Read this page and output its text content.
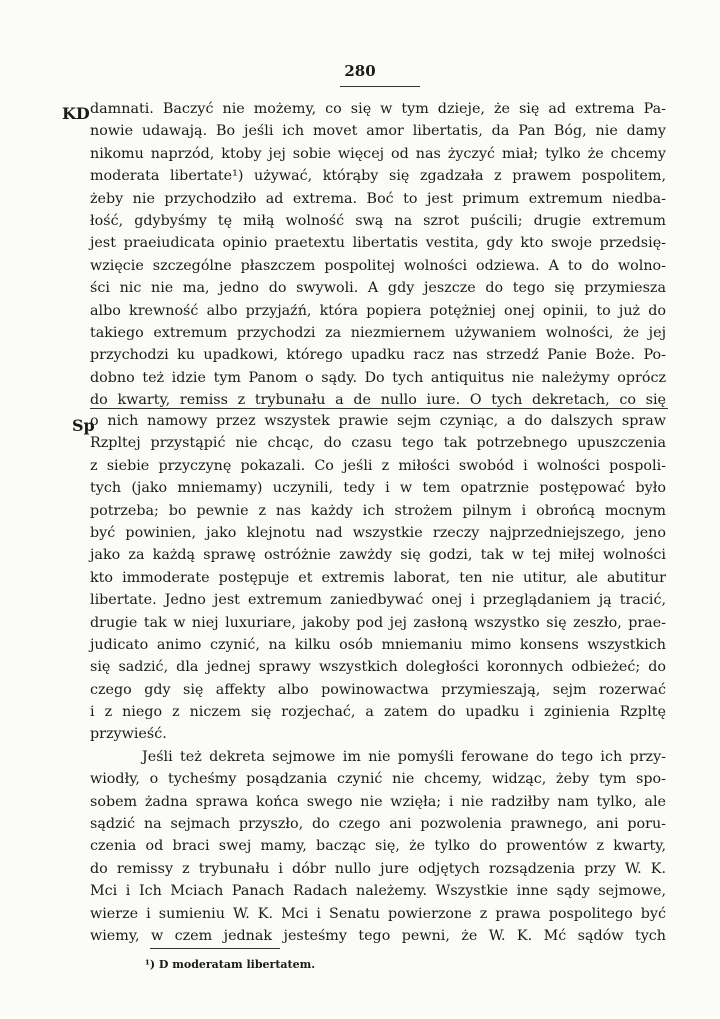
280
KD damnati. Baczyć nie możemy, co się w tym dzieje, że się ad extrema Pa-
nowie udawają. Bo jeśli ich movet amor libertatis, da Pan Bóg, nie damy
nikomu naprzód, ktoby jej sobie więcej od nas życzyć miał; tylko że chcemy
moderata libertate¹) używać, którąby się zgadzała z prawem pospolitem,
żeby nie przychodziło ad extrema. Boć to jest primum extremum niedba-
łość, gdybyśmy tę miłą wolność swą na szrot puścili; drugie extremum
jest praeiudicata opinio praetextu libertatis vestita, gdy kto swoje przedsię-
wzięcie szczególne płaszczem pospolitej wolności odziewa. A to do wolno-
ści nic nie ma, jedno do swywoli. A gdy jeszcze do tego się przymiesza
albo krewność albo przyjaźń, która popiera potężniej onej opinii, to już do
takiego extremum przychodzi za niezmiernem używaniem wolności, że jej
przychodzi ku upadkowi, którego upadku racz nas strzedź Panie Boże. Po-
dobno też idzie tym Panom o sądy. Do tych antiquitus nie należymy oprócz
do kwarty, remiss z trybunału a de nullo iure. O tych dekretach, co się
Sp
o nich namowy przez wszystek prawie sejm czyniąc, a do dalszych spraw
Rzpltej przystąpić nie chcąc, do czasu tego tak potrzebnego upuszczenia
z siebie przyczynę pokazali. Co jeśli z miłości swobód i wolności pospoli-
tych (jako mniemamy) uczynili, tedy i w tem opatrznie postępować było
potrzeba; bo pewnie z nas każdy ich strożem pilnym i obrońcą mocnym
być powinien, jako klejnotu nad wszystkie rzeczy najprzedniejszego, jeno
jako za każdą sprawę ostróżnie zawżdy się godzi, tak w tej miłej wolności
kto immoderate postępuje et extremis laborat, ten nie utitur, ale abutitur
libertate. Jedno jest extremum zaniedbywać onej i przeglądaniem ją tracić,
drugie tak w niej luxuriare, jakoby pod jej zasłoną wszystko się zeszło, prae-
judicato animo czynić, na kilku osób mniemaniu mimo konsens wszystkich
się sadzić, dla jednej sprawy wszystkich doległości koronnych odbieżeć; do
czego gdy się affekty albo powinowactwa przymieszają, sejm rozerwać
i z niego z niczem się rozjechać, a zatem do upadku i zginienia Rzpltę
przywieść.
Jeśli też dekreta sejmowe im nie pomyśli ferowane do tego ich przy-
wiodły, o tycheśmy posądzania czynić nie chcemy, widząc, żeby tym spo-
sobem żadna sprawa końca swego nie wzięła; i nie radziłby nam tylko, ale
sądzić na sejmach przyszło, do czego ani pozwolenia prawnego, ani poru-
czenia od braci swej mamy, bacząc się, że tylko do prowentów z kwarty,
do remissy z trybunału i dóbr nullo jure odjętych rozsądzenia przy W. K.
Mci i Ich Mciach Panach Radach należemy. Wszystkie inne sądy sejmowe,
wierze i sumieniu W. K. Mci i Senatu powierzone z prawa pospolitego być
wiemy, w czem jednak jesteśmy tego pewni, że W. K. Mć sądów tych
¹) D moderatam libertatem.
